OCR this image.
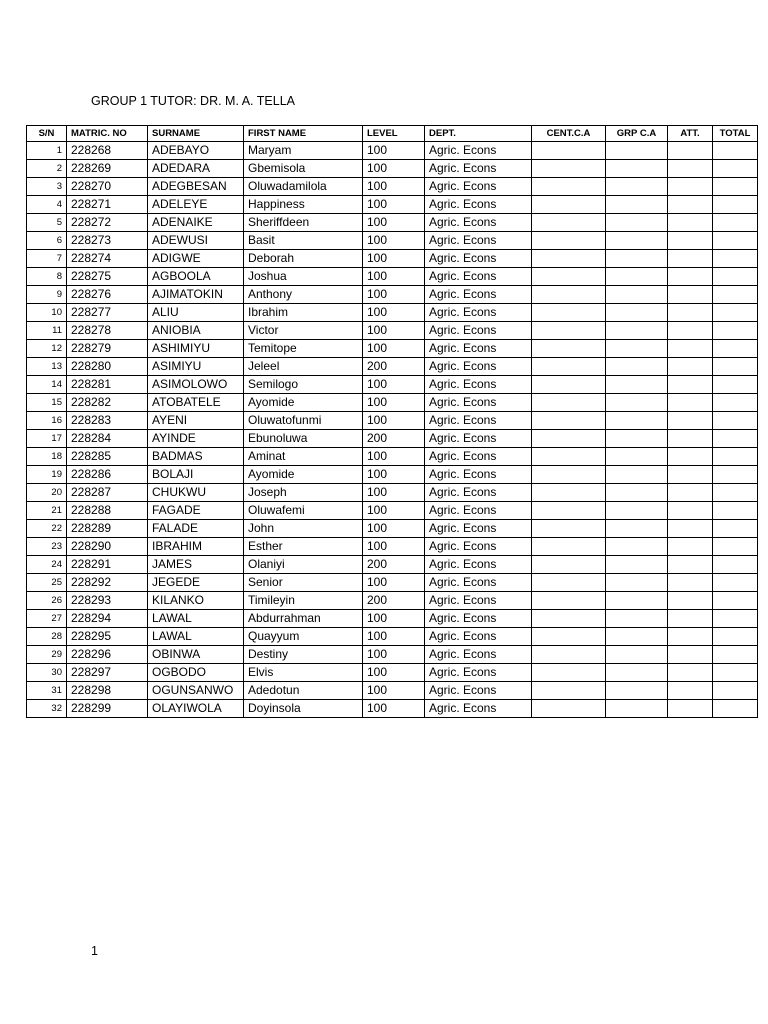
GROUP 1 TUTOR: DR. M. A. TELLA
S/N	MATRIC. NO	SURNAME	FIRST NAME	LEVEL	DEPT.	CENT.C.A	GRP C.A	ATT.	TOTAL
1	228268	ADEBAYO	Maryam	100	Agric. Econs				
2	228269	ADEDARA	Gbemisola	100	Agric. Econs				
3	228270	ADEGBESAN	Oluwadamilola	100	Agric. Econs				
4	228271	ADELEYE	Happiness	100	Agric. Econs				
5	228272	ADENAIKE	Sheriffdeen	100	Agric. Econs				
6	228273	ADEWUSI	Basit	100	Agric. Econs				
7	228274	ADIGWE	Deborah	100	Agric. Econs				
8	228275	AGBOOLA	Joshua	100	Agric. Econs				
9	228276	AJIMATOKIN	Anthony	100	Agric. Econs				
10	228277	ALIU	Ibrahim	100	Agric. Econs				
11	228278	ANIOBIA	Victor	100	Agric. Econs				
12	228279	ASHIMIYU	Temitope	100	Agric. Econs				
13	228280	ASIMIYU	Jeleel	200	Agric. Econs				
14	228281	ASIMOLOWO	Semilogo	100	Agric. Econs				
15	228282	ATOBATELE	Ayomide	100	Agric. Econs				
16	228283	AYENI	Oluwatofunmi	100	Agric. Econs				
17	228284	AYINDE	Ebunoluwa	200	Agric. Econs				
18	228285	BADMAS	Aminat	100	Agric. Econs				
19	228286	BOLAJI	Ayomide	100	Agric. Econs				
20	228287	CHUKWU	Joseph	100	Agric. Econs				
21	228288	FAGADE	Oluwafemi	100	Agric. Econs				
22	228289	FALADE	John	100	Agric. Econs				
23	228290	IBRAHIM	Esther	100	Agric. Econs				
24	228291	JAMES	Olaniyi	200	Agric. Econs				
25	228292	JEGEDE	Senior	100	Agric. Econs				
26	228293	KILANKO	Timileyin	200	Agric. Econs				
27	228294	LAWAL	Abdurrahman	100	Agric. Econs				
28	228295	LAWAL	Quayyum	100	Agric. Econs				
29	228296	OBINWA	Destiny	100	Agric. Econs				
30	228297	OGBODO	Elvis	100	Agric. Econs				
31	228298	OGUNSANWO	Adedotun	100	Agric. Econs				
32	228299	OLAYIWOLA	Doyinsola	100	Agric. Econs				
1
